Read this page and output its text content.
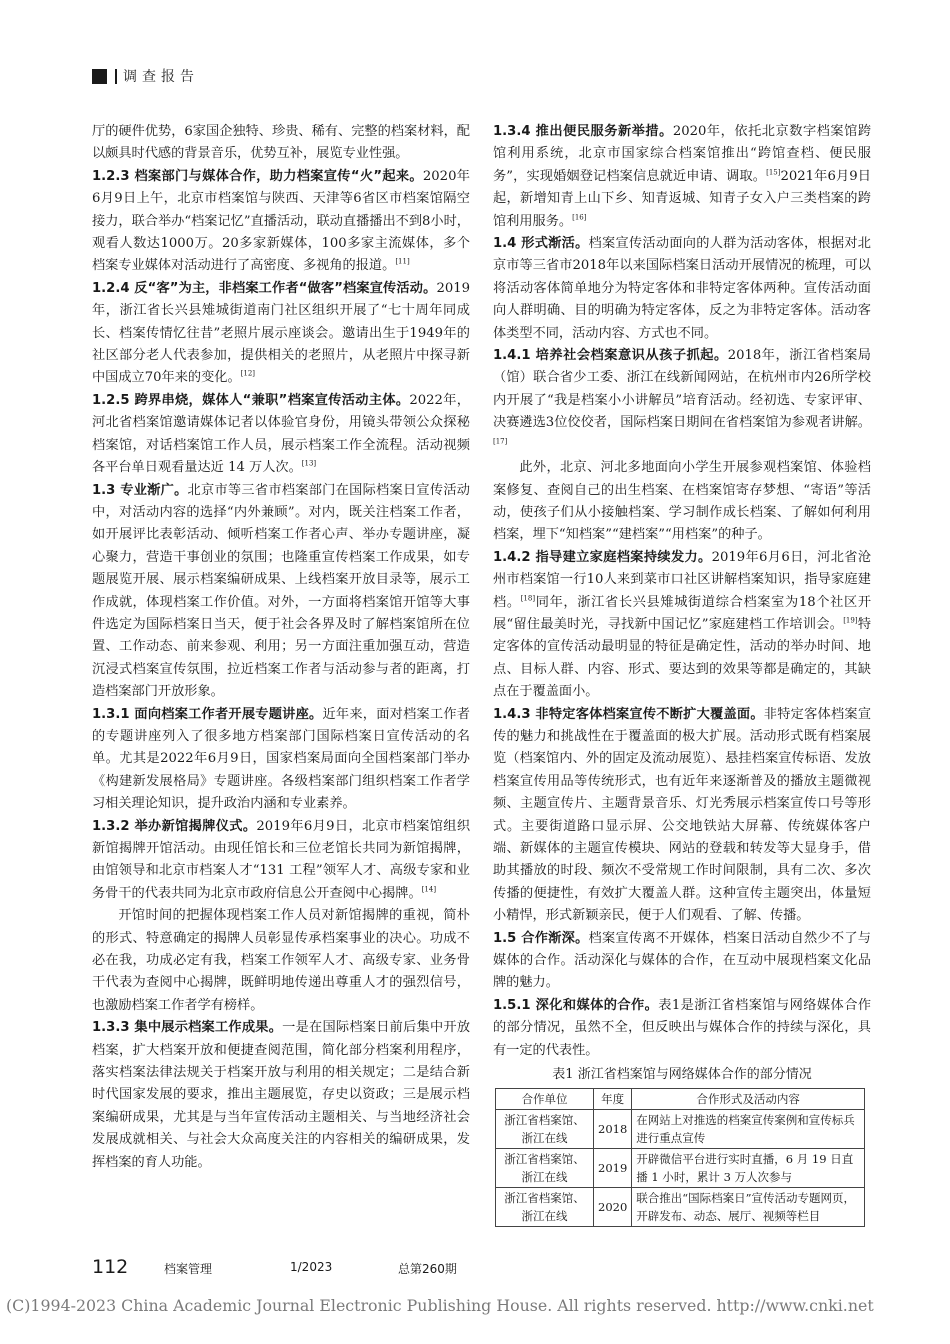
调查报告

厅的硬件优势，6家国企独特、珍贵、稀有、完整的档案材料，配以颇具时代感的背景音乐，优势互补，展览专业性强。

1.2.3 档案部门与媒体合作，助力档案宣传“火”起来。2020年6月9日上午，北京市档案馆与陕西、天津等6省区市档案馆隔空接力，联合举办“档案记忆”直播活动，联动直播播出不到8小时，观看人数达1000万。20多家新媒体，100多家主流媒体，多个档案专业媒体对活动进行了高密度、多视角的报道。[11]

1.2.4 反“客”为主，非档案工作者“做客”档案宣传活动。2019年，浙江省长兴县雉城街道南门社区组织开展了“七十周年同成长、档案传情忆往昔”老照片展示座谈会。邀请出生于1949年的社区部分老人代表参加，提供相关的老照片，从老照片中探寻新中国成立70年来的变化。[12]

1.2.5 跨界串烧，媒体人“兼职”档案宣传活动主体。2022年，河北省档案馆邀请媒体记者以体验官身份，用镜头带领公众探秘档案馆，对话档案馆工作人员，展示档案工作全流程。活动视频各平台单日观看量达近 14 万人次。[13]

1.3 专业渐广。北京市等三省市档案部门在国际档案日宣传活动中，对活动内容的选择“内外兼顾”。对内，既关注档案工作者，如开展评比表彰活动、倾听档案工作者心声、举办专题讲座，凝心聚力，营造干事创业的氛围；也隆重宣传档案工作成果，如专题展览开展、展示档案编研成果、上线档案开放目录等，展示工作成就，体现档案工作价值。对外，一方面将档案馆开馆等大事件选定为国际档案日当天，便于社会各界及时了解档案馆所在位置、工作动态、前来参观、利用；另一方面注重加强互动，营造沉浸式档案宣传氛围，拉近档案工作者与活动参与者的距离，打造档案部门开放形象。

1.3.1 面向档案工作者开展专题讲座。近年来，面对档案工作者的专题讲座列入了很多地方档案部门国际档案日宣传活动的名单。尤其是2022年6月9日，国家档案局面向全国档案部门举办《构建新发展格局》专题讲座。各级档案部门组织档案工作者学习相关理论知识，提升政治内涵和专业素养。

1.3.2 举办新馆揭牌仪式。2019年6月9日，北京市档案馆组织新馆揭牌开馆活动。由现任馆长和三位老馆长共同为新馆揭牌，由馆领导和北京市档案人才“131 工程”领军人才、高级专家和业务骨干的代表共同为北京市政府信息公开查阅中心揭牌。[14]

开馆时间的把握体现档案工作人员对新馆揭牌的重视，简朴的形式、特意确定的揭牌人员彰显传承档案事业的决心。功成不必在我，功成必定有我，档案工作领军人才、高级专家、业务骨干代表为查阅中心揭牌，既鲜明地传递出尊重人才的强烈信号，也激励档案工作者学有榜样。

1.3.3 集中展示档案工作成果。一是在国际档案日前后集中开放档案，扩大档案开放和便捷查阅范围，简化部分档案利用程序，落实档案法律法规关于档案开放与利用的相关规定；二是结合新时代国家发展的要求，推出主题展览，存史以资政；三是展示档案编研成果，尤其是与当年宣传活动主题相关、与当地经济社会发展成就相关、与社会大众高度关注的内容相关的编研成果，发挥档案的育人功能。

1.3.4 推出便民服务新举措。2020年，依托北京数字档案馆跨馆利用系统，北京市国家综合档案馆推出“跨馆查档、便民服务”，实现婚姻登记档案信息就近申请、调取。[15]2021年6月9日起，新增知青上山下乡、知青返城、知青子女入户三类档案的跨馆利用服务。[16]

1.4 形式渐活。档案宣传活动面向的人群为活动客体，根据对北京市等三省市2018年以来国际档案日活动开展情况的梳理，可以将活动客体简单地分为特定客体和非特定客体两种。宣传活动面向人群明确、目的明确为特定客体，反之为非特定客体。活动客体类型不同，活动内容、方式也不同。

1.4.1 培养社会档案意识从孩子抓起。2018年，浙江省档案局（馆）联合省少工委、浙江在线新闻网站，在杭州市内26所学校内开展了“我是档案小小讲解员”培育活动。经初选、专家评审、决赛遴选3位佼佼者，国际档案日期间在省档案馆为参观者讲解。[17]

此外，北京、河北多地面向小学生开展参观档案馆、体验档案修复、查阅自己的出生档案、在档案馆寄存梦想、“寄语”等活动，使孩子们从小接触档案、学习制作成长档案、了解如何利用档案，埋下“知档案”“建档案”“用档案”的种子。

1.4.2 指导建立家庭档案持续发力。2019年6月6日，河北省沧州市档案馆一行10人来到菜市口社区讲解档案知识，指导家庭建档。[18]同年，浙江省长兴县雉城街道综合档案室为18个社区开展“留住最美时光，寻找新中国记忆”家庭建档工作培训会。[19]特定客体的宣传活动最明显的特征是确定性，活动的举办时间、地点、目标人群、内容、形式、要达到的效果等都是确定的，其缺点在于覆盖面小。

1.4.3 非特定客体档案宣传不断扩大覆盖面。非特定客体档案宣传的魅力和挑战性在于覆盖面的极大扩展。活动形式既有档案展览（档案馆内、外的固定及流动展览）、悬挂档案宣传标语、发放档案宣传用品等传统形式，也有近年来逐渐普及的播放主题微视频、主题宣传片、主题背景音乐、灯光秀展示档案宣传口号等形式。主要街道路口显示屏、公交地铁站大屏幕、传统媒体客户端、新媒体的主题宣传模块、网站的登载和转发等大显身手，借助其播放的时段、频次不受常规工作时间限制，具有二次、多次传播的便捷性，有效扩大覆盖人群。这种宣传主题突出，体量短小精悍，形式新颖亲民，便于人们观看、了解、传播。

1.5 合作渐深。档案宣传离不开媒体，档案日活动自然少不了与媒体的合作。活动深化与媒体的合作，在互动中展现档案文化品牌的魅力。

1.5.1 深化和媒体的合作。表1是浙江省档案馆与网络媒体合作的部分情况，虽然不全，但反映出与媒体合作的持续与深化，具有一定的代表性。

表1 浙江省档案馆与网络媒体合作的部分情况
合作单位	年度	合作形式及活动内容
浙江省档案馆、浙江在线	2018	在网站上对推选的档案宣传案例和宣传标兵进行重点宣传
浙江省档案馆、浙江在线	2019	开辟微信平台进行实时直播，6 月 19 日直播 1 小时，累计 3 万人次参与
浙江省档案馆、浙江在线	2020	联合推出“国际档案日”宣传活动专题网页，开辟发布、动态、展厅、视频等栏目
112	档案管理	1/2023	总第260期
(C)1994-2023 China Academic Journal Electronic Publishing House. All rights reserved. http://www.cnki.net
